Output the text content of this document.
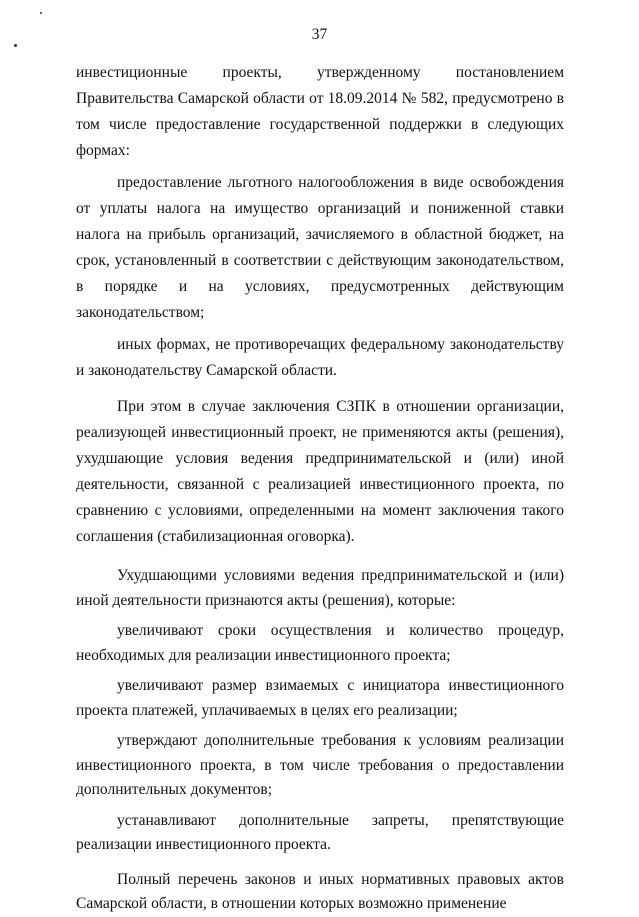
37

инвестиционные проекты, утвержденному постановлением Правительства Самарской области от 18.09.2014 № 582, предусмотрено в том числе предоставление государственной поддержки в следующих формах:

предоставление льготного налогообложения в виде освобождения от уплаты налога на имущество организаций и пониженной ставки налога на прибыль организаций, зачисляемого в областной бюджет, на срок, установленный в соответствии с действующим законодательством, в порядке и на условиях, предусмотренных действующим законодательством;

иных формах, не противоречащих федеральному законодательству и законодательству Самарской области.

При этом в случае заключения СЗПК в отношении организации, реализующей инвестиционный проект, не применяются акты (решения), ухудшающие условия ведения предпринимательской и (или) иной деятельности, связанной с реализацией инвестиционного проекта, по сравнению с условиями, определенными на момент заключения такого соглашения (стабилизационная оговорка).

Ухудшающими условиями ведения предпринимательской и (или) иной деятельности признаются акты (решения), которые:

увеличивают сроки осуществления и количество процедур, необходимых для реализации инвестиционного проекта;

увеличивают размер взимаемых с инициатора инвестиционного проекта платежей, уплачиваемых в целях его реализации;

утверждают дополнительные требования к условиям реализации инвестиционного проекта, в том числе требования о предоставлении дополнительных документов;

устанавливают дополнительные запреты, препятствующие реализации инвестиционного проекта.

Полный перечень законов и иных нормативных правовых актов Самарской области, в отношении которых возможно применение
